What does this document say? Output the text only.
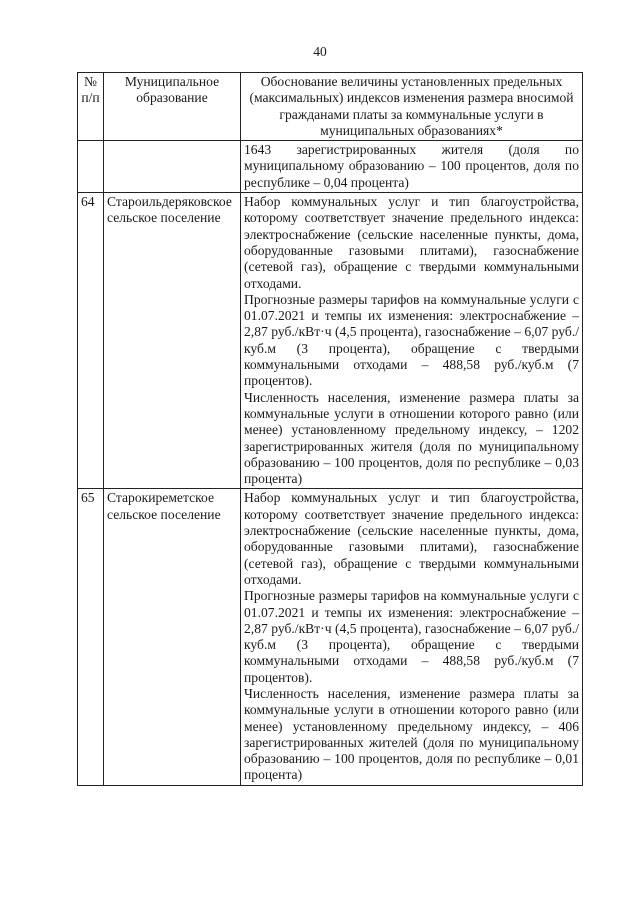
40
№ п/п	Муниципальное образование	Обоснование величины установленных предельных (максимальных) индексов изменения размера вносимой гражданами платы за коммунальные услуги в муниципальных образованиях*
		1643 зарегистрированных жителя (доля по муниципальному образованию – 100 процентов, доля по республике – 0,04 процента)
64	Староильдеряковское сельское поселение	Набор коммунальных услуг и тип благоустройства, которому соответствует значение предельного индекса: электроснабжение (сельские населенные пункты, дома, оборудованные газовыми плитами), газоснабжение (сетевой газ), обращение с твердыми коммунальными отходами.
Прогнозные размеры тарифов на коммунальные услуги с 01.07.2021 и темпы их изменения: электроснабжение – 2,87 руб./кВт·ч (4,5 процента), газоснабжение – 6,07 руб./куб.м (3 процента), обращение с твердыми коммунальными отходами – 488,58 руб./куб.м (7 процентов).
Численность населения, изменение размера платы за коммунальные услуги в отношении которого равно (или менее) установленному предельному индексу, – 1202 зарегистрированных жителя (доля по муниципальному образованию – 100 процентов, доля по республике – 0,03 процента)

65	Старокиреметское сельское поселение	Набор коммунальных услуг и тип благоустройства, которому соответствует значение предельного индекса: электроснабжение (сельские населенные пункты, дома, оборудованные газовыми плитами), газоснабжение (сетевой газ), обращение с твердыми коммунальными отходами.
Прогнозные размеры тарифов на коммунальные услуги с 01.07.2021 и темпы их изменения: электроснабжение – 2,87 руб./кВт·ч (4,5 процента), газоснабжение – 6,07 руб./куб.м (3 процента), обращение с твердыми коммунальными отходами – 488,58 руб./куб.м (7 процентов).
Численность населения, изменение размера платы за коммунальные услуги в отношении которого равно (или менее) установленному предельному индексу, – 406 зарегистрированных жителей (доля по муниципальному образованию – 100 процентов, доля по республике – 0,01 процента)
